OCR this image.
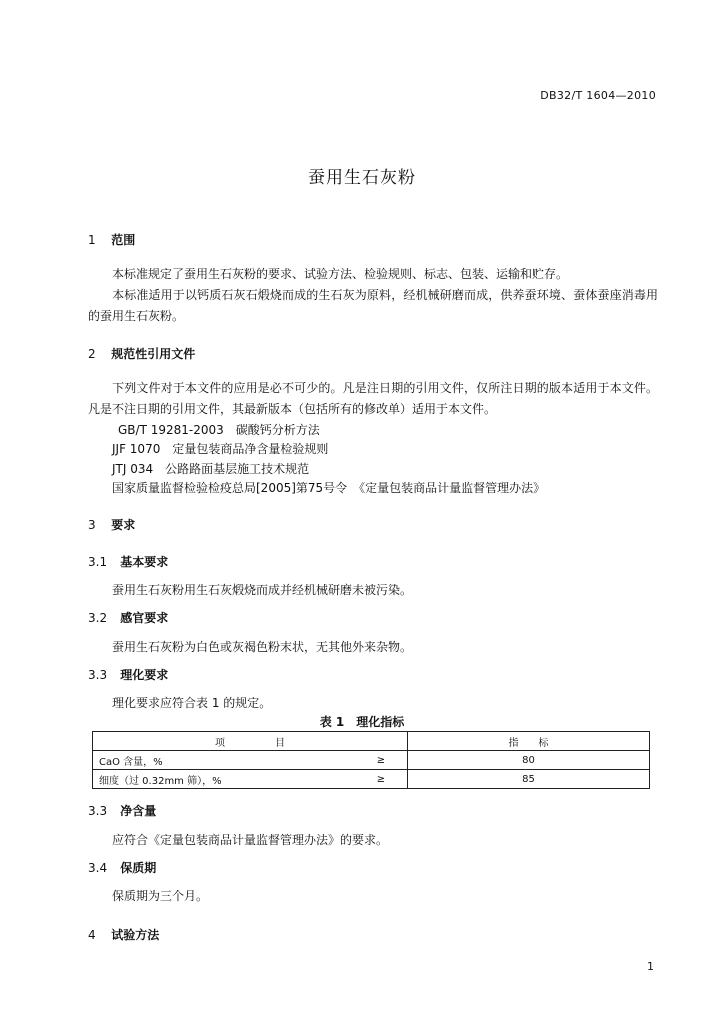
DB32/T 1604—2010
蚕用生石灰粉
1 范围
本标准规定了蚕用生石灰粉的要求、试验方法、检验规则、标志、包装、运输和贮存。
本标准适用于以钙质石灰石煅烧而成的生石灰为原料，经机械研磨而成，供养蚕环境、蚕体蚕座消毒用的蚕用生石灰粉。
2 规范性引用文件
下列文件对于本文件的应用是必不可少的。凡是注日期的引用文件，仅所注日期的版本适用于本文件。凡是不注日期的引用文件，其最新版本（包括所有的修改单）适用于本文件。
GB/T 19281-2003　碳酸钙分析方法
JJF 1070　定量包装商品净含量检验规则
JTJ 034　公路路面基层施工技术规范
国家质量监督检验检疫总局[2005]第75号令　《定量包装商品计量监督管理办法》
3 要求
3.1 基本要求
蚕用生石灰粉用生石灰煅烧而成并经机械研磨未被污染。
3.2 感官要求
蚕用生石灰粉为白色或灰褐色粉末状，无其他外来杂物。
3.3 理化要求
理化要求应符合表 1 的规定。
表 1　理化指标
项　　　　　目		指　　标
CaO 含量，%	≥	80
细度（过 0.32mm 筛），%	≥	85
3.3 净含量
应符合《定量包装商品计量监督管理办法》的要求。
3.4 保质期
保质期为三个月。
4 试验方法
1
